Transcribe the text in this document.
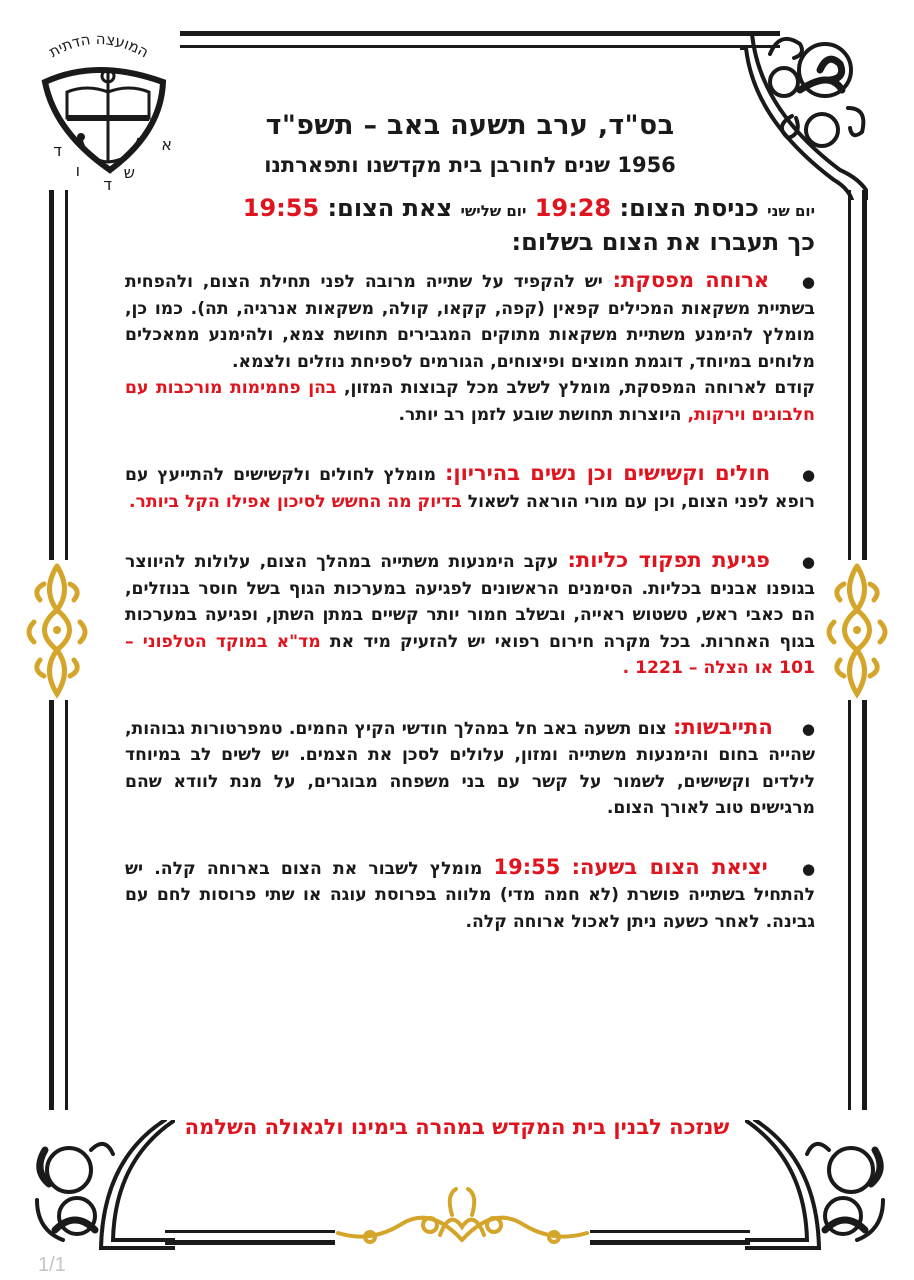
המועצה הדתית
א
ש
ד
ו
ד
בס"ד, ערב תשעה באב – תשפ"ד

1956 שנים לחורבן בית מקדשנו ותפארתנו

יום שני כניסת הצום: 19:28 יום שלישי צאת הצום: 19:55

כך תעברו את הצום בשלום:

● ארוחה מפסקת: יש להקפיד על שתייה מרובה לפני תחילת הצום, ולהפחית בשתיית משקאות המכילים קפאין (קפה, קקאו, קולה, משקאות אנרגיה, תה). כמו כן, מומלץ להימנע משתיית משקאות מתוקים המגבירים תחושת צמא, ולהימנע ממאכלים מלוחים במיוחד, דוגמת חמוצים ופיצוחים, הגורמים לספיחת נוזלים ולצמא.
קודם לארוחה המפסקת, מומלץ לשלב מכל קבוצות המזון, בהן פחמימות מורכבות עם חלבונים וירקות, היוצרות תחושת שובע לזמן רב יותר.
● חולים וקשישים וכן נשים בהיריון: מומלץ לחולים ולקשישים להתייעץ עם רופא לפני הצום, וכן עם מורי הוראה לשאול בדיוק מה החשש לסיכון אפילו הקל ביותר.
● פגיעת תפקוד כליות: עקב הימנעות משתייה במהלך הצום, עלולות להיווצר בגופנו אבנים בכליות. הסימנים הראשונים לפגיעה במערכות הגוף בשל חוסר בנוזלים, הם כאבי ראש, טשטוש ראייה, ובשלב חמור יותר קשיים במתן השתן, ופגיעה במערכות בגוף האחרות. בכל מקרה חירום רפואי יש להזעיק מיד את מד"א במוקד הטלפוני – 101 או הצלה – 1221 .
● התייבשות: צום תשעה באב חל במהלך חודשי הקיץ החמים. טמפרטורות גבוהות, שהייה בחום והימנעות משתייה ומזון, עלולים לסכן את הצמים. יש לשים לב במיוחד לילדים וקשישים, לשמור על קשר עם בני משפחה מבוגרים, על מנת לוודא שהם מרגישים טוב לאורך הצום.
● יציאת הצום בשעה: 19:55 מומלץ לשבור את הצום בארוחה קלה. יש להתחיל בשתייה פושרת (לא חמה מדי) מלווה בפרוסת עוגה או שתי פרוסות לחם עם גבינה. לאחר כשעה ניתן לאכול ארוחה קלה.
שנזכה לבנין בית המקדש במהרה בימינו ולגאולה השלמה
1/1
